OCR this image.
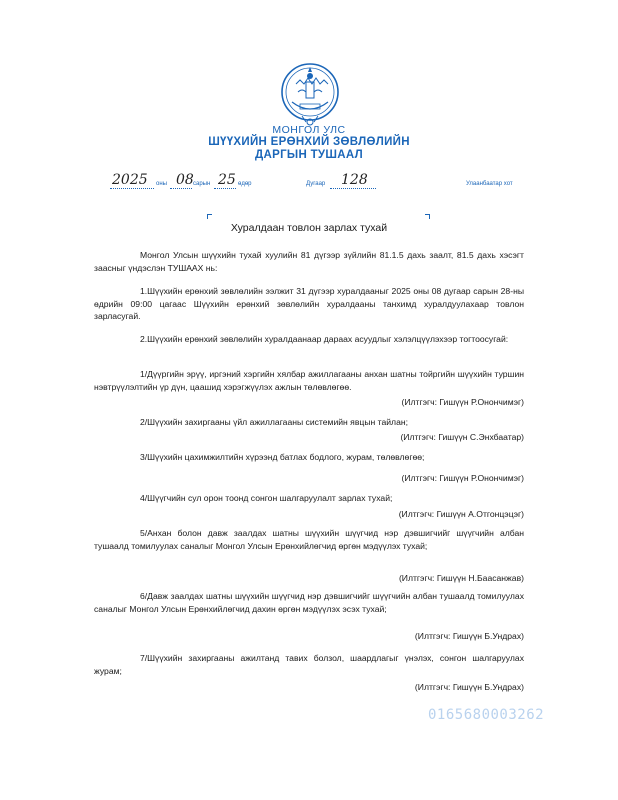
МОНГОЛ УЛС
ШҮҮХИЙН ЕРӨНХИЙ ЗӨВЛӨЛИЙН
ДАРГЫН ТУШААЛ
2025 оны 08 сарын 25 өдөр	Дугаар 128	Улаанбаатар хот
Хуралдаан товлон зарлах тухай

Монгол Улсын шүүхийн тухай хуулийн 81 дүгээр зүйлийн 81.1.5 дахь заалт, 81.5 дахь хэсэгт заасныг үндэслэн ТУШААХ нь:

1.Шүүхийн ерөнхий зөвлөлийн ээлжит 31 дүгээр хуралдааныг 2025 оны 08 дугаар сарын 28-ны өдрийн 09:00 цагаас Шүүхийн ерөнхий зөвлөлийн хуралдааны танхимд хуралдуулахаар товлон зарласугай.

2.Шүүхийн ерөнхий зөвлөлийн хуралдаанаар дараах асуудлыг хэлэлцүүлэхээр тогтоосугай:

1/Дүүргийн эрүү, иргэний хэргийн хялбар ажиллагааны анхан шатны тойргийн шүүхийн туршин нэвтрүүлэлтийн үр дүн, цаашид хэрэгжүүлэх ажлын төлөвлөгөө.

(Илтгэгч: Гишүүн Р.Онончимэг)

2/Шүүхийн захиргааны үйл ажиллагааны системийн явцын тайлан;

(Илтгэгч: Гишүүн С.Энхбаатар)

3/Шүүхийн цахимжилтийн хүрээнд батлах бодлого, журам, төлөвлөгөө;

(Илтгэгч: Гишүүн Р.Онончимэг)

4/Шүүгчийн сул орон тоонд сонгон шалгаруулалт зарлах тухай;

(Илтгэгч: Гишүүн А.Отгонцэцэг)

5/Анхан болон давж заалдах шатны шүүхийн шүүгчид нэр дэвшигчийг шүүгчийн албан тушаалд томилуулах саналыг Монгол Улсын Ерөнхийлөгчид өргөн мэдүүлэх тухай;

(Илтгэгч: Гишүүн Н.Баасанжав)

6/Давж заалдах шатны шүүхийн шүүгчид нэр дэвшигчийг шүүгчийн албан тушаалд томилуулах саналыг Монгол Улсын Ерөнхийлөгчид дахин өргөн мэдүүлэх эсэх тухай;

(Илтгэгч: Гишүүн Б.Ундрах)

7/Шүүхийн захиргааны ажилтанд тавих болзол, шаардлагыг үнэлэх, сонгон шалгаруулах журам;

(Илтгэгч: Гишүүн Б.Ундрах)
0165680003262
